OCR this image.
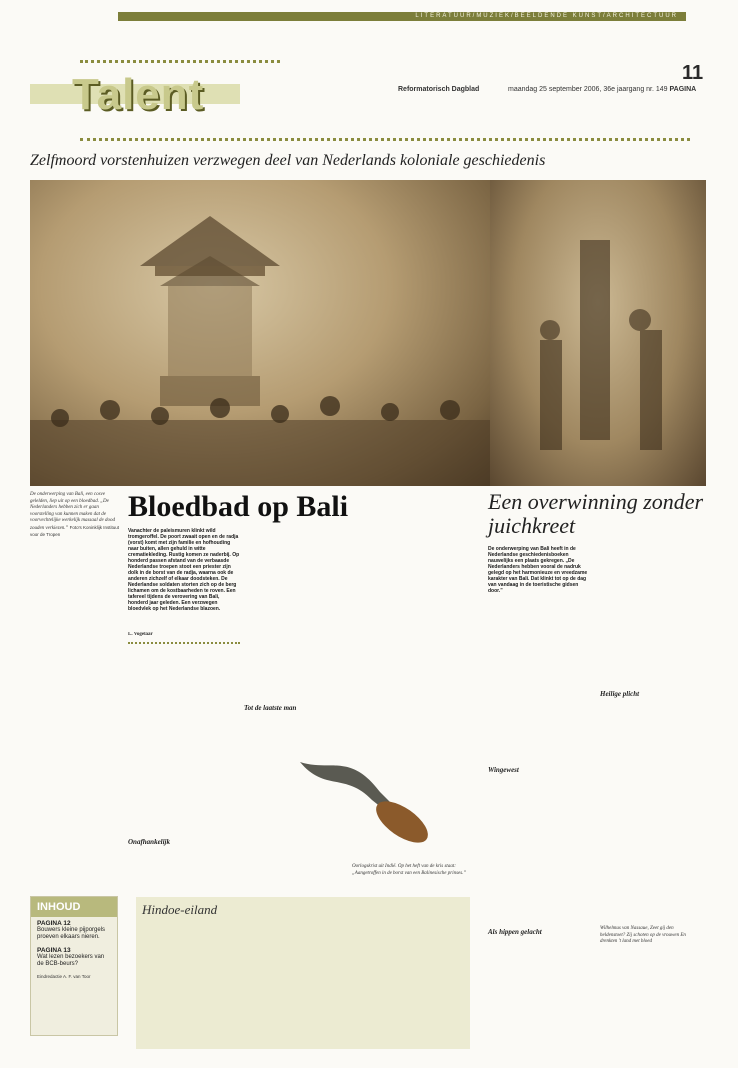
LITERATUUR/MUZIEK/BEELDENDE KUNST/ARCHITECTUUR
Talent	Reformatorisch Dagblad	maandag 25 september 2006, 36e jaargang nr. 149 PAGINA
11
Zelfmoord vorstenhuizen verzwegen deel van Nederlands koloniale geschiedenis
De onderwerping van Bali, een cosve gelelden, liep uit op een bloedbad. „De Nederlanders hebben zich er gaan voorstelling van kunnen maken dat de voorvechtelijke werkelijk massaal de dood zouden verkiezen.” Foto's Koninklijk Instituut voor de Tropen
Bloedbad op Bali
Vanachter de paleismuren klinkt wild tromgeroffel. De poort zwaait open en de radja (vorst) komt met zijn familie en hofhouding naar buiten, allen gehuld in witte crematiekleding. Rustig komen ze naderbij. Op honderd passen afstand van de verbaasde Nederlandse troepen stoot een priester zijn dolk in de borst van de radja, waarna ook de anderen zichzelf of elkaar doodsteken. De Nederlandse soldaten storten zich op de berg lichamen om de kostbaarheden te roven. Een tafereel tijdens de verovering van Bali, honderd jaar geleden. Een verzwegen bloedvlek op het Nederlandse blazoen.
L. Vogelaar
Onafhankelijk
Tot de laatste man
Oorlogskrist uit Indië. Op het heft van de kris staat: „Aangetroffen in de borst van een Balinesische prinses.”
Een overwinning zonder juichkreet
De onderwerping van Bali heeft in de Nederlandse geschiedenisboeken nauwelijks een plaats gekregen. „De Nederlanders hebben vooral de nadruk gelegd op het harmonieuze en vreedzame karakter van Bali. Dat klinkt tot op de dag van vandaag in de toeristische gidsen door.”
Wingewest
Heilige plicht
Als hippen gelacht	Wilhelmus van Nassaue, Zeet gij den heldenstoet? Zij schoten op de vrouwen En drenkten 't land met bloed
INHOUD
PAGINA 12
Bouwers kleine pijporgels proeven elkaars nieren.
PAGINA 13
Wat lezen bezoekers van de BCB-beurs?
Eindredactie A. F. van Toor
Hindoe-eiland
